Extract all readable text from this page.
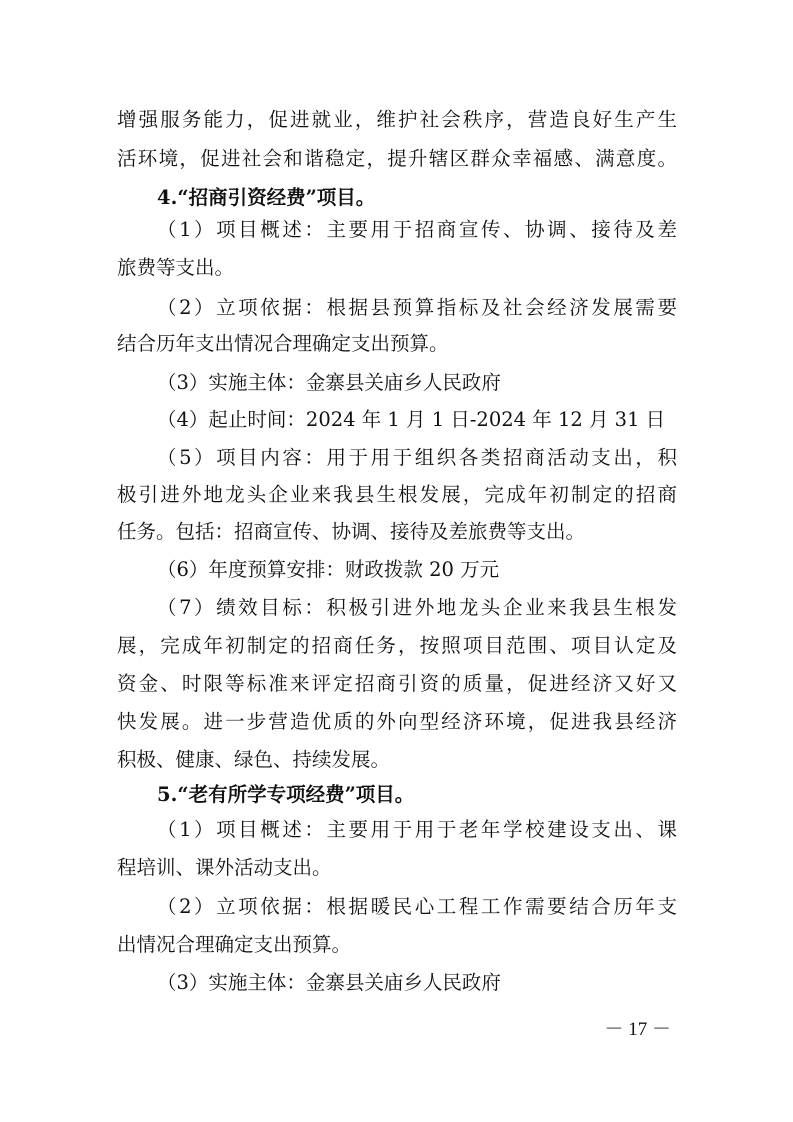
增强服务能力，促进就业，维护社会秩序，营造良好生产生
活环境，促进社会和谐稳定，提升辖区群众幸福感、满意度。
4.“招商引资经费”项目。
（1）项目概述：主要用于招商宣传、协调、接待及差
旅费等支出。
（2）立项依据：根据县预算指标及社会经济发展需要
结合历年支出情况合理确定支出预算。
（3）实施主体：金寨县关庙乡人民政府
（4）起止时间：2024 年 1 月 1 日-2024 年 12 月 31 日
（5）项目内容：用于用于组织各类招商活动支出，积
极引进外地龙头企业来我县生根发展，完成年初制定的招商
任务。包括：招商宣传、协调、接待及差旅费等支出。
（6）年度预算安排：财政拨款 20 万元
（7）绩效目标：积极引进外地龙头企业来我县生根发
展，完成年初制定的招商任务，按照项目范围、项目认定及
资金、时限等标准来评定招商引资的质量，促进经济又好又
快发展。进一步营造优质的外向型经济环境，促进我县经济
积极、健康、绿色、持续发展。
5.“老有所学专项经费”项目。
（1）项目概述：主要用于用于老年学校建设支出、课
程培训、课外活动支出。
（2）立项依据：根据暖民心工程工作需要结合历年支
出情况合理确定支出预算。
（3）实施主体：金寨县关庙乡人民政府
－ 17 －
